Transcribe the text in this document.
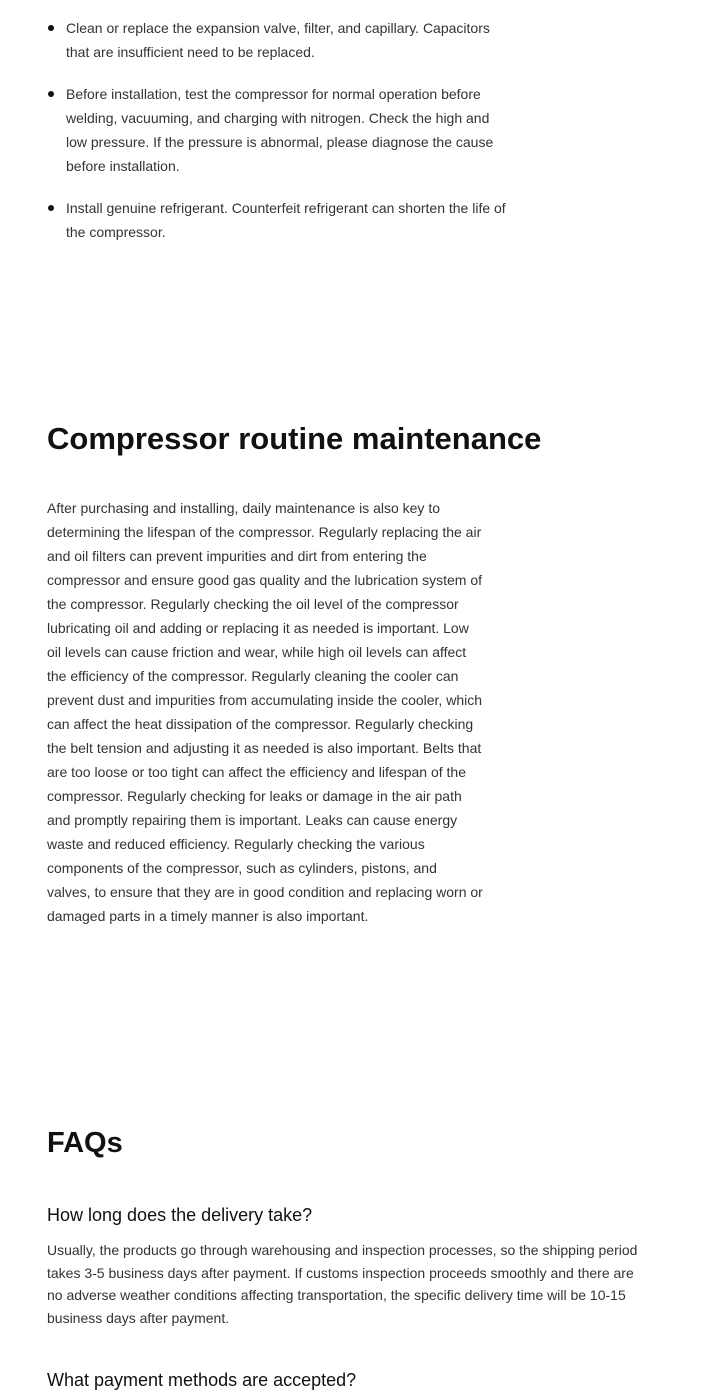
Clean or replace the expansion valve, filter, and capillary. Capacitors that are insufficient need to be replaced.
Before installation, test the compressor for normal operation before welding, vacuuming, and charging with nitrogen. Check the high and low pressure. If the pressure is abnormal, please diagnose the cause before installation.
Install genuine refrigerant. Counterfeit refrigerant can shorten the life of the compressor.
Compressor routine maintenance

After purchasing and installing, daily maintenance is also key to determining the lifespan of the compressor. Regularly replacing the air and oil filters can prevent impurities and dirt from entering the compressor and ensure good gas quality and the lubrication system of the compressor. Regularly checking the oil level of the compressor lubricating oil and adding or replacing it as needed is important. Low oil levels can cause friction and wear, while high oil levels can affect the efficiency of the compressor. Regularly cleaning the cooler can prevent dust and impurities from accumulating inside the cooler, which can affect the heat dissipation of the compressor. Regularly checking the belt tension and adjusting it as needed is also important. Belts that are too loose or too tight can affect the efficiency and lifespan of the compressor. Regularly checking for leaks or damage in the air path and promptly repairing them is important. Leaks can cause energy waste and reduced efficiency. Regularly checking the various components of the compressor, such as cylinders, pistons, and valves, to ensure that they are in good condition and replacing worn or damaged parts in a timely manner is also important.

FAQs
How long does the delivery take?

Usually, the products go through warehousing and inspection processes, so the shipping period takes 3-5 business days after payment. If customs inspection proceeds smoothly and there are no adverse weather conditions affecting transportation, the specific delivery time will be 10-15 business days after payment.

What payment methods are accepted?
